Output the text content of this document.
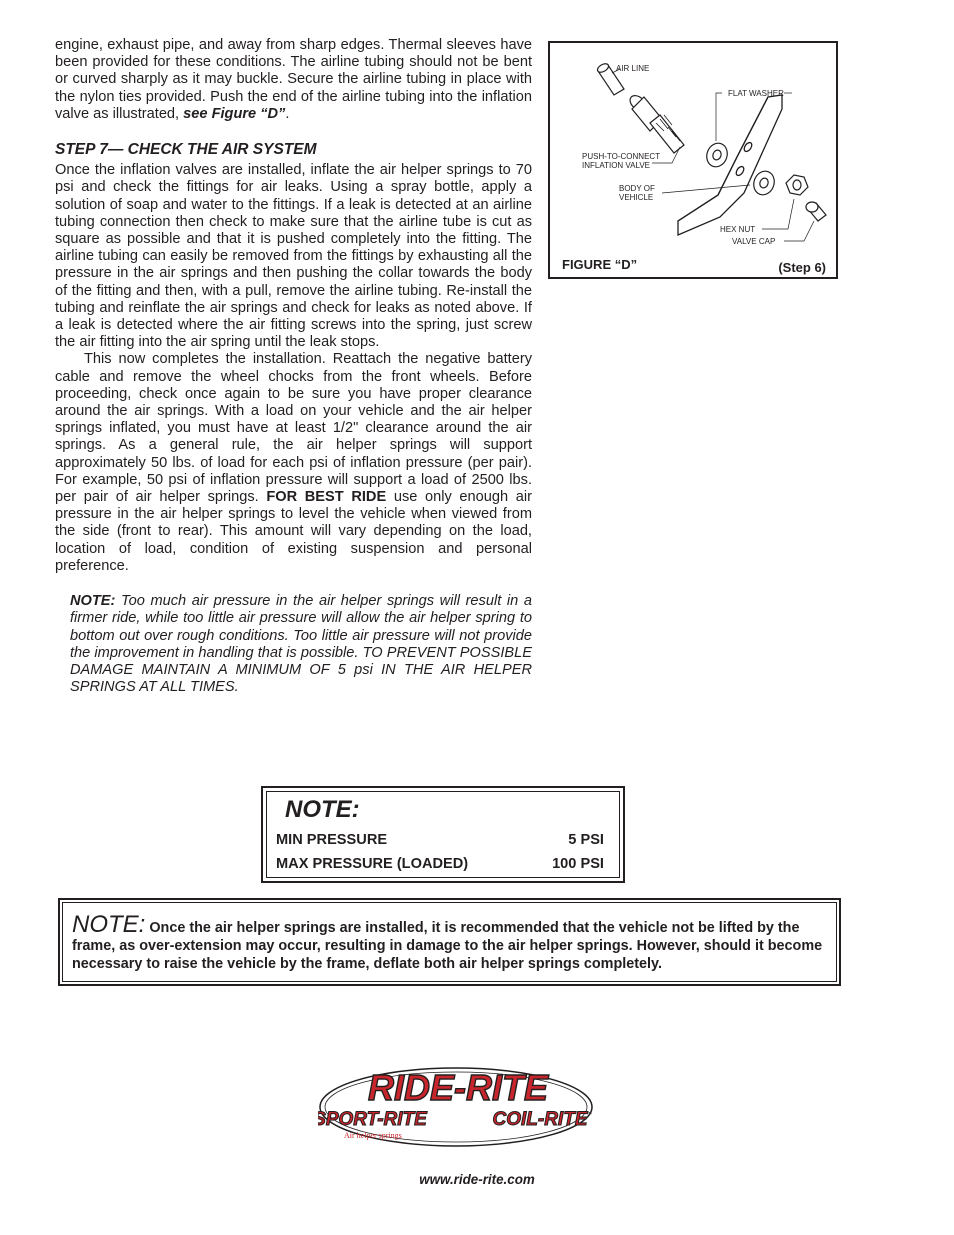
engine, exhaust pipe, and away from sharp edges. Thermal sleeves have been provided for these conditions. The airline tubing should not be bent or curved sharply as it may buckle. Secure the airline tubing in place with the nylon ties provided. Push the end of the airline tubing into the inflation valve as illustrated, see Figure “D”.

STEP 7— CHECK THE AIR SYSTEM

Once the inflation valves are installed, inflate the air helper springs to 70 psi and check the fittings for air leaks. Using a spray bottle, apply a solution of soap and water to the fittings. If a leak is detected at an airline tubing connection then check to make sure that the airline tube is cut as square as possible and that it is pushed completely into the fitting. The airline tubing can easily be removed from the fittings by exhausting all the pressure in the air springs and then pushing the collar towards the body of the fitting and then, with a pull, remove the airline tubing. Re-install the tubing and reinflate the air springs and check for leaks as noted above. If a leak is detected where the air fitting screws into the spring, just screw the air fitting into the air spring until the leak stops.

This now completes the installation. Reattach the negative battery cable and remove the wheel chocks from the front wheels. Before proceeding, check once again to be sure you have proper clearance around the air springs. With a load on your vehicle and the air helper springs inflated, you must have at least 1/2" clearance around the air springs. As a general rule, the air helper springs will support approximately 50 lbs. of load for each psi of inflation pressure (per pair). For example, 50 psi of inflation pressure will support a load of 2500 lbs. per pair of air helper springs. FOR BEST RIDE use only enough air pressure in the air helper springs to level the vehicle when viewed from the side (front to rear). This amount will vary depending on the load, location of load, condition of existing suspension and personal preference.

NOTE: Too much air pressure in the air helper springs will result in a firmer ride, while too little air pressure will allow the air helper spring to bottom out over rough conditions. Too little air pressure will not provide the improvement in handling that is possible. TO PREVENT POSSIBLE DAMAGE MAINTAIN A MINIMUM OF 5 psi IN THE AIR HELPER SPRINGS AT ALL TIMES.

AIR LINE
FLAT WASHER
PUSH-TO-CONNECT
INFLATION VALVE
BODY OF
VEHICLE
HEX NUT
VALVE CAP
FIGURE “D”	(Step 6)
NOTE:
MIN PRESSURE	5 PSI
MAX PRESSURE (LOADED)	100 PSI
NOTE: Once the air helper springs are installed, it is recommended that the vehicle not be lifted by the frame, as over-extension may occur, resulting in damage to the air helper springs. However, should it become necessary to raise the vehicle by the frame, deflate both air helper springs completely.
RIDE-RITE
SPORT-RITE	COIL-RITE
™
Air helper springs
www.ride-rite.com
